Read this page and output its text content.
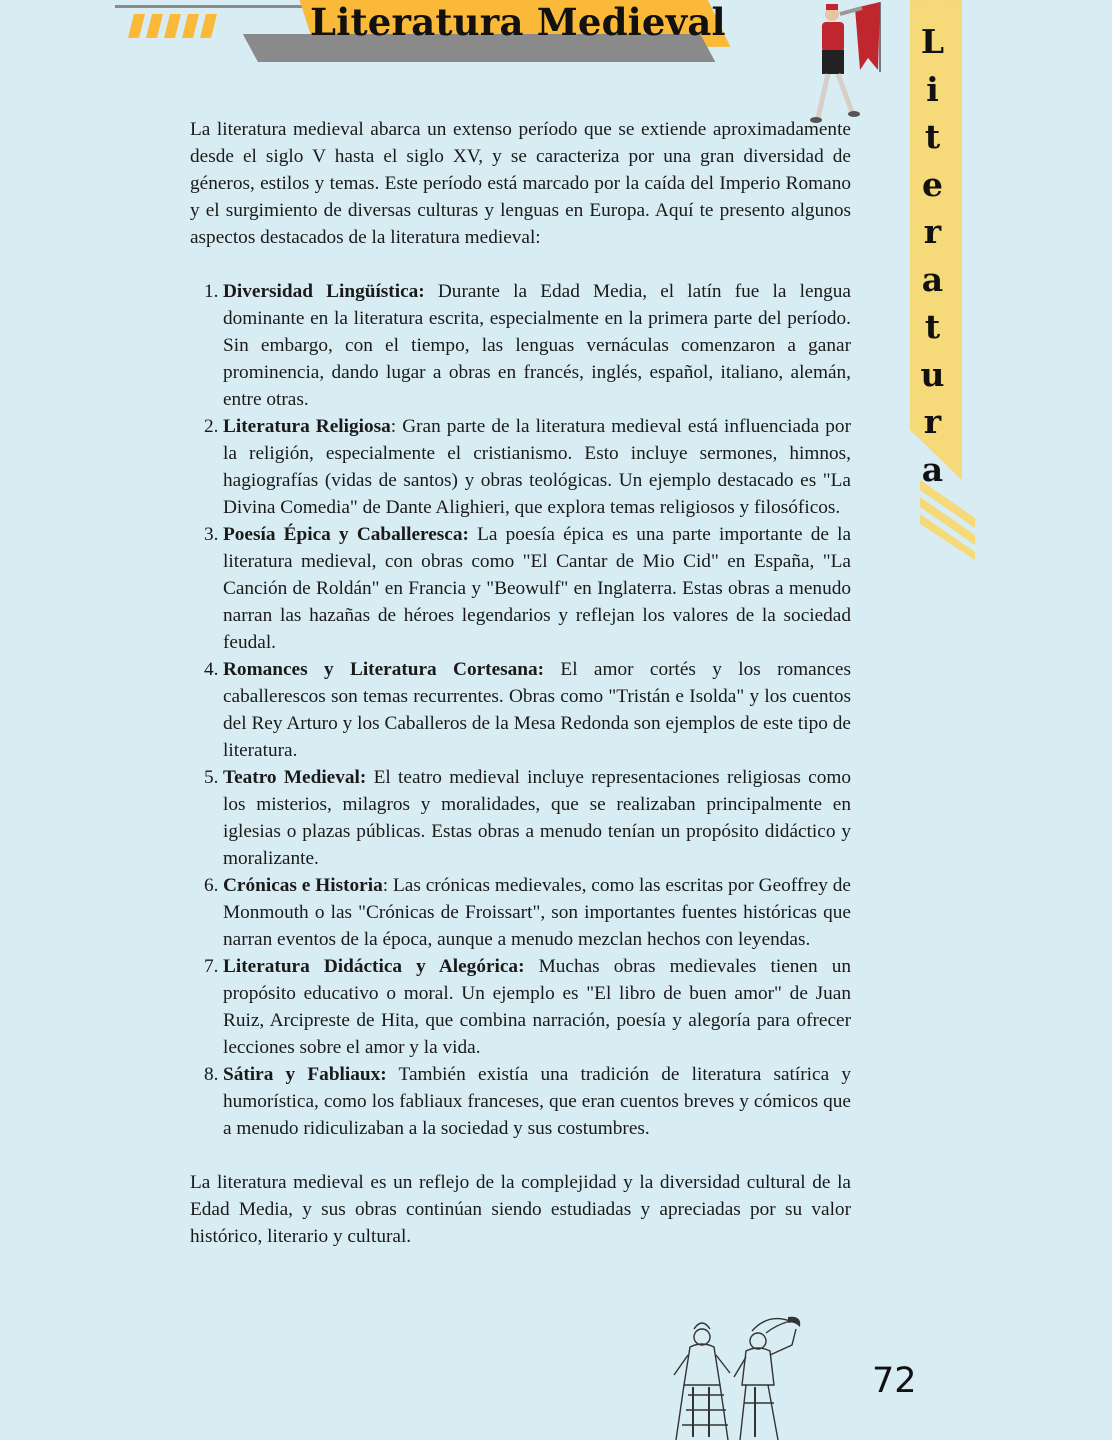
Literatura Medieval	L
i
t
e
r
a
t
u
r
a

La literatura medieval abarca un extenso período que se extiende aproximadamente desde el siglo V hasta el siglo XV, y se caracteriza por una gran diversidad de géneros, estilos y temas. Este período está marcado por la caída del Imperio Romano y el surgimiento de diversas culturas y lenguas en Europa. Aquí te presento algunos aspectos destacados de la literatura medieval:

1. Diversidad Lingüística: Durante la Edad Media, el latín fue la lengua dominante en la literatura escrita, especialmente en la primera parte del período. Sin embargo, con el tiempo, las lenguas vernáculas comenzaron a ganar prominencia, dando lugar a obras en francés, inglés, español, italiano, alemán, entre otras.
2. Literatura Religiosa: Gran parte de la literatura medieval está influenciada por la religión, especialmente el cristianismo. Esto incluye sermones, himnos, hagiografías (vidas de santos) y obras teológicas. Un ejemplo destacado es "La Divina Comedia" de Dante Alighieri, que explora temas religiosos y filosóficos.
3. Poesía Épica y Caballeresca: La poesía épica es una parte importante de la literatura medieval, con obras como "El Cantar de Mio Cid" en España, "La Canción de Roldán" en Francia y "Beowulf" en Inglaterra. Estas obras a menudo narran las hazañas de héroes legendarios y reflejan los valores de la sociedad feudal.
4. Romances y Literatura Cortesana: El amor cortés y los romances caballerescos son temas recurrentes. Obras como "Tristán e Isolda" y los cuentos del Rey Arturo y los Caballeros de la Mesa Redonda son ejemplos de este tipo de literatura.
5. Teatro Medieval: El teatro medieval incluye representaciones religiosas como los misterios, milagros y moralidades, que se realizaban principalmente en iglesias o plazas públicas. Estas obras a menudo tenían un propósito didáctico y moralizante.
6. Crónicas e Historia: Las crónicas medievales, como las escritas por Geoffrey de Monmouth o las "Crónicas de Froissart", son importantes fuentes históricas que narran eventos de la época, aunque a menudo mezclan hechos con leyendas.
7. Literatura Didáctica y Alegórica: Muchas obras medievales tienen un propósito educativo o moral. Un ejemplo es "El libro de buen amor" de Juan Ruiz, Arcipreste de Hita, que combina narración, poesía y alegoría para ofrecer lecciones sobre el amor y la vida.
8. Sátira y Fabliaux: También existía una tradición de literatura satírica y humorística, como los fabliaux franceses, que eran cuentos breves y cómicos que a menudo ridiculizaban a la sociedad y sus costumbres.

La literatura medieval es un reflejo de la complejidad y la diversidad cultural de la Edad Media, y sus obras continúan siendo estudiadas y apreciadas por su valor histórico, literario y cultural.

72
